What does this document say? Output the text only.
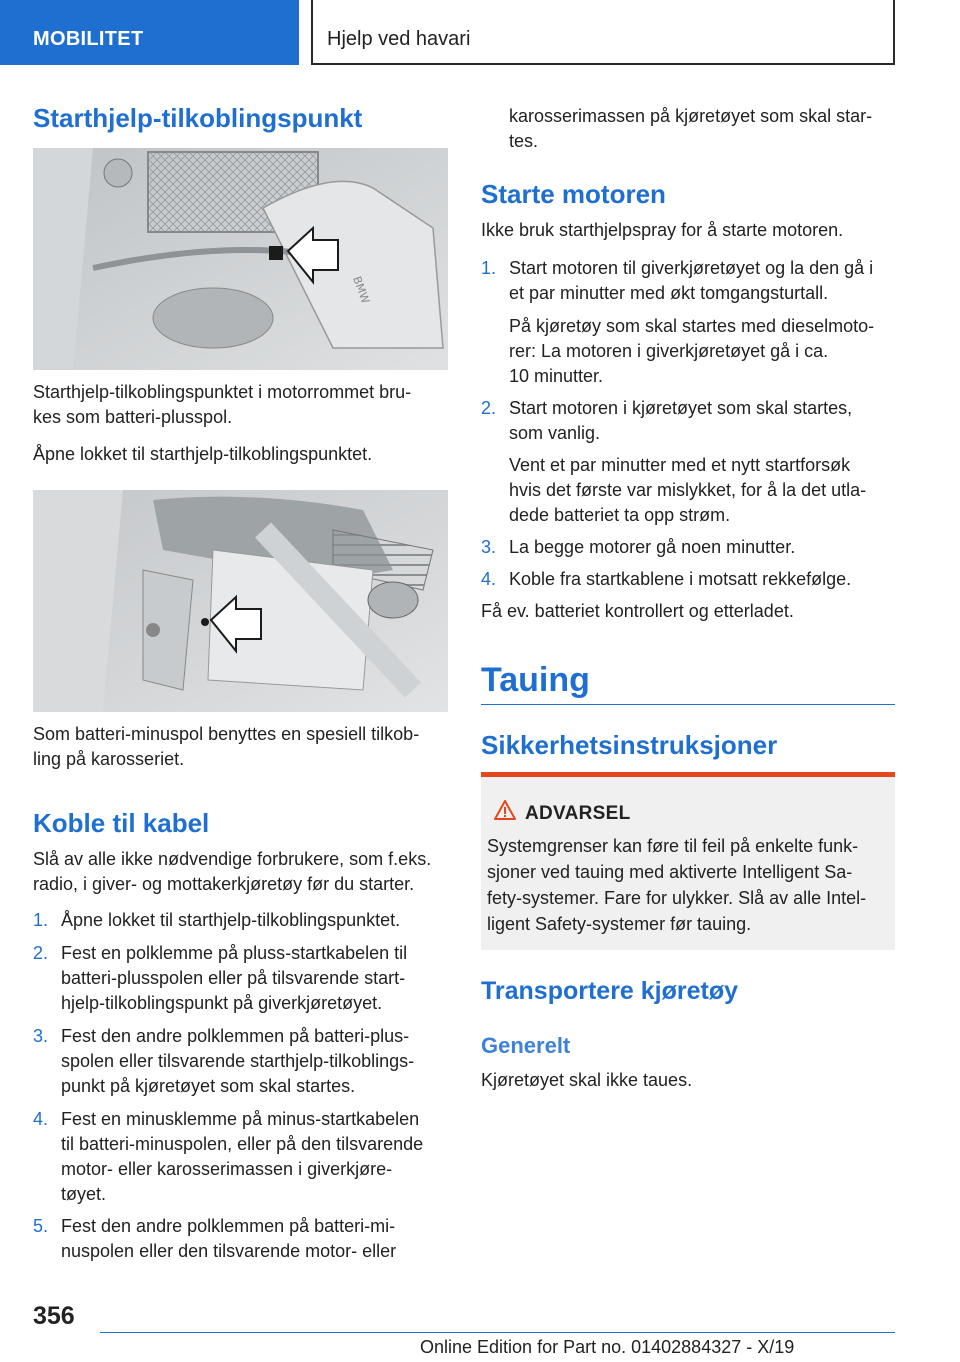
MOBILITET	Hjelp ved havari
Starthjelp-tilkoblingspunkt
BMW
Starthjelp-tilkoblingspunktet i motorrommet bru-
kes som batteri-plusspol.
Åpne lokket til starthjelp-tilkoblingspunktet.
Som batteri-minuspol benyttes en spesiell tilkob-
ling på karosseriet.
Koble til kabel
Slå av alle ikke nødvendige forbrukere, som f.eks.
radio, i giver- og mottakerkjøretøy før du starter.
1. Åpne lokket til starthjelp-tilkoblingspunktet.
2. Fest en polklemme på pluss-startkabelen til
batteri-plusspolen eller på tilsvarende start-
hjelp-tilkoblingspunkt på giverkjøretøyet.
3. Fest den andre polklemmen på batteri-plus-
spolen eller tilsvarende starthjelp-tilkoblings-
punkt på kjøretøyet som skal startes.
4. Fest en minusklemme på minus-startkabelen
til batteri-minuspolen, eller på den tilsvarende
motor- eller karosserimassen i giverkjøre-
tøyet.
5. Fest den andre polklemmen på batteri-mi-
nuspolen eller den tilsvarende motor- eller
karosserimassen på kjøretøyet som skal star-
tes.
Starte motoren
Ikke bruk starthjelpspray for å starte motoren.
1. Start motoren til giverkjøretøyet og la den gå i
et par minutter med økt tomgangsturtall.
På kjøretøy som skal startes med dieselmoto-
rer: La motoren i giverkjøretøyet gå i ca.
10 minutter.
2. Start motoren i kjøretøyet som skal startes,
som vanlig.
Vent et par minutter med et nytt startforsøk
hvis det første var mislykket, for å la det utla-
dede batteriet ta opp strøm.
3. La begge motorer gå noen minutter.
4. Koble fra startkablene i motsatt rekkefølge.
Få ev. batteriet kontrollert og etterladet.
Tauing
Sikkerhetsinstruksjoner
ADVARSEL
Systemgrenser kan føre til feil på enkelte funk-
sjoner ved tauing med aktiverte Intelligent Sa-
fety-systemer. Fare for ulykker. Slå av alle Intel-
ligent Safety-systemer før tauing.
Transportere kjøretøy
Generelt
Kjøretøyet skal ikke taues.
356
Online Edition for Part no. 01402884327 - X/19
